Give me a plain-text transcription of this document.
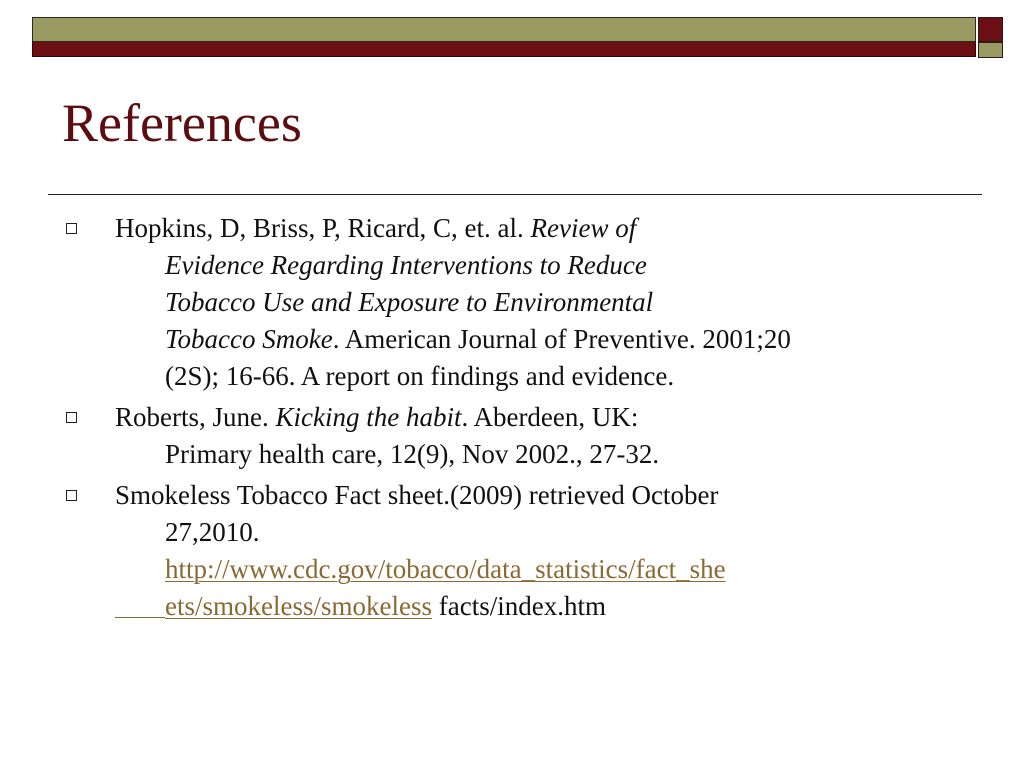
References
Hopkins, D, Briss, P, Ricard, C, et. al. Review of
Evidence Regarding Interventions to Reduce
Tobacco Use and Exposure to Environmental
Tobacco Smoke. American Journal of Preventive. 2001;20
(2S); 16-66. A report on findings and evidence.
Roberts, June. Kicking the habit. Aberdeen, UK:
Primary health care, 12(9), Nov 2002., 27-32.
Smokeless Tobacco Fact sheet.(2009) retrieved October
27,2010.
http://www.cdc.gov/tobacco/data_statistics/fact_she
ets/smokeless/smokeless facts/index.htm
